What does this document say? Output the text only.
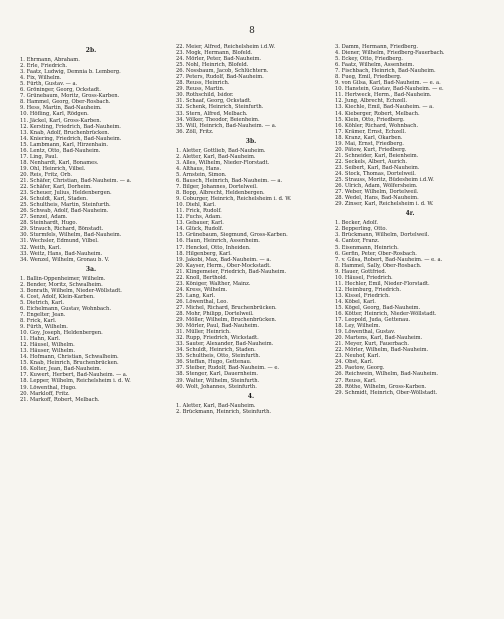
8
2b.
1. Ehrmann, Abraham.
2. Erle, Friedrich.
3. Faatz, Ludwig, Demnia b. Lemberg.
4. Fix, Wilhelm.
5. Fürth, Gustav. — a.
6. Gröninger, Georg, Ockstadt.
7. Grünebaum, Moritz, Gross-Karben.
8. Hammel, Georg, Ober-Rosbach.
9. Hess, Martin, Bad-Nauheim.
10. Höfling, Karl, Rödgen.
11. Jäckel, Karl, Gross-Karben.
12. Kersting, Friedrich, Bad-Nauheim.
13. Knab, Adolf, Bruchenbrücken.
14. Kniering, Friedrich, Bad-Nauheim.
15. Lambmann, Karl, Hirzenhain.
16. Lentz, Otto, Bad-Nauheim.
17. Ling, Paul.
18. Nenhardt, Karl, Bonames.
19. Ohl, Heinrich, Vilbel.
20. Reis, Fritz, Orb.
21. Schäfer, Christian, Bad-Nauheim. — a.
22. Schäfer, Karl, Dorheim.
23. Scheuer, Julius, Heldenbergen.
24. Schuldt, Karl, Staden.
25. Schultheis, Martin, Steinfurth.
26. Schwab, Adolf, Bad-Nauheim.
27. Senzel, Adam.
28. Steinhardt, Hugo.
29. Strauch, Richard, Bönstadt.
30. Sturmfels, Wilhelm, Bad-Nauheim.
31. Wechsler, Edmund, Vilbel.
32. Weith, Karl.
33. Weitz, Hans, Bad-Nauheim.
34. Wenzel, Wilhelm, Gronau b. V.
3a.
1. Ballin-Oppenheimer, Wilhelm.
2. Bender, Moritz, Schwalheim.
3. Bonrath, Wilhelm, Nieder-Wöllstadt.
4. Cost, Adolf, Klein-Karben.
5. Dietrich, Karl.
6. Eichelmann, Gustav, Wohnbach.
7. Engelter, Jean.
8. Frick, Karl.
9. Fürth, Wilhelm.
10. Goy, Joseph, Heldenbergen.
11. Hahn, Karl.
12. Häusel, Wilhelm.
13. Häuser, Wilhelm.
14. Hofmann, Christian, Schwalheim.
15. Knab, Heinrich, Bruchenbrücken.
16. Kolter, Jean, Bad-Nauheim.
17. Kuwert, Herbert, Bad-Nauheim. — a.
18. Lepper, Wilhelm, Reichelsheim i. d. W.
19. Löwenthal, Hugo.
20. Markloff, Fritz.
21. Markoff, Robert, Melbach.
22. Meier, Alfred, Reichelsheim i.d.W.
23. Mogk, Hermann, Blofeld.
24. Mörler, Peter, Bad-Nauheim.
25. Nohl, Heinrich, Blofeld.
26. Nossbaum, Jacob, Schlüchtern.
27. Peters, Rudolf, Bad-Nauheim.
28. Reuss, Heinrich.
29. Reuss, Martin.
30. Rothschild, Isidor.
31. Schaaf, Georg, Ockstadt.
32. Schenk, Heinrich, Steinfurth.
33. Stern, Alfred, Melbach.
34. Völker, Theodor, Beienheim.
35. Will, Heinrich, Bad-Nauheim. — a.
36. Zöll, Fritz.
3b.
1. Aletter, Gottlieb, Bad-Nauheim.
2. Aletter, Karl, Bad-Nauheim.
3. Alles, Wilhelm, Nieder-Florstadt.
4. Althaus, Hans.
5. Arnstein, Simon.
6. Bausch, Heinrich, Bad-Nauheim. — a.
7. Bilger, Johannes, Dortelweil.
8. Bopp, Albrecht, Heldenbergen.
9. Coburger, Heinrich, Reichelsheim i. d. W.
10. Diehl, Karl.
11. Frick, Rudolf.
12. Fuchs, Adam.
13. Gebauer, Karl.
14. Glück, Rudolf.
15. Grünebaum, Siegmund, Gross-Karben.
16. Haun, Heinrich, Assenheim.
17. Henckel, Otto, Inheiden.
18. Hilgenberg, Karl.
19. Jakobi, Max, Bad-Nauheim. — a.
20. Kayser, Herm., Ober-Mockstadt.
21. Klingemeier, Friedrich, Bad-Nauheim.
22. Knoll, Berthold.
23. Königer, Walther, Mainz.
24. Kress, Wilhelm.
25. Lang, Karl.
26. Löwenthal, Leo.
27. Michel, Richard, Bruchenbrücken.
28. Mohr, Philipp, Dortelweil.
29. Möller, Wilhelm, Bruchenbrücken.
30. Mörler, Paul, Bad-Nauheim.
31. Müller, Heinrich.
32. Rupp, Friedrich, Wickstadt.
33. Sauter, Alexander, Bad-Nauheim.
34. Schuldt, Heinrich, Staden.
35. Schultheis, Otto, Steinfurth.
36. Steffan, Hugo, Gettenau.
37. Steiber, Rudolf, Bad-Nauheim. — e.
38. Stenger, Karl, Dauernheim.
39. Walter, Wilhelm, Steinfurth.
40. Wolt, Johannes, Steinfurth.
4.
1. Aletter, Karl, Bad-Nauheim.
2. Brückmann, Heinrich, Steinfurth.
3. Damm, Hermann, Friedberg.
4. Diener, Wilhelm, Friedberg-Fauerbach.
5. Eckey, Otto, Friedberg.
6. Faatz, Wilhelm, Assenheim.
7. Fischbach, Heinrich, Bad-Nauheim.
8. Fueg, Emil, Friedberg.
9. von Gilsa, Karl, Bad-Nauheim. — e. a.
10. Hanstein, Gustav, Bad-Nauheim. — e.
11. Hertweck, Herm., Bad-Nauheim.
12. Jung, Albrecht, Echzell.
13. Kiechle, Emil, Bad-Nauheim. — a.
14. Kieberger, Robert, Melbach.
15. Klein, Otto, Friedberg.
16. Köhler, Richard, Wohnbach.
17. Krämer, Ernst, Echzell.
18. Kranz, Karl, Okarben.
19. Mai, Ernst, Friedberg.
20. Pätow, Kurt, Friedberg.
21. Schneider, Karl, Beienheim.
22. Seckels, Albert, Aurich.
23. Seibert, Karl, Bad-Nauheim.
24. Stock, Thomas, Dortelweil.
25. Strauss, Moritz, Büdesheim i.d.W.
26. Ulrich, Adam, Wölfersheim.
27. Weber, Wilhelm, Dortelweil.
28. Wedel, Hans, Bad-Nauheim.
29. Zinser, Karl, Reichelsheim i. d. W.
4r.
1. Becker, Adolf.
2. Bepperling, Otto.
3. Brückmann, Wilhelm, Dortelweil.
4. Cantor, Franz.
5. Eisenmann, Heinrich.
6. Gerfin, Peter, Ober-Rosbach.
7. v. Gilsa, Robert, Bad-Nauheim. — e. a.
8. Hammel, Sally, Ober-Rosbach.
9. Hauer, Gottfried.
10. Häusel, Friedrich.
11. Hechler, Emil, Nieder-Florstadt.
12. Heimburg, Friedrich.
13. Kissel, Friedrich.
14. Köbel, Karl.
15. Kögel, Georg, Bad-Nauheim.
16. Kötter, Heinrich, Nieder-Wöllstadt.
17. Leopold, Juda, Gettenau.
18. Ley, Wilhelm.
19. Löwenthal, Gustav.
20. Martens, Karl, Bad-Nauheim.
21. Meyer, Kurt, Fauerbach.
22. Mörler, Wilhelm, Bad-Nauheim.
23. Neuhof, Karl.
24. Obst, Karl.
25. Paetow, Georg.
26. Reichwein, Wilhelm, Bad-Nauheim.
27. Reuss, Karl.
28. Röthe, Wilhelm, Gross-Karben.
29. Schmidt, Heinrich, Ober-Wöllstadt.
